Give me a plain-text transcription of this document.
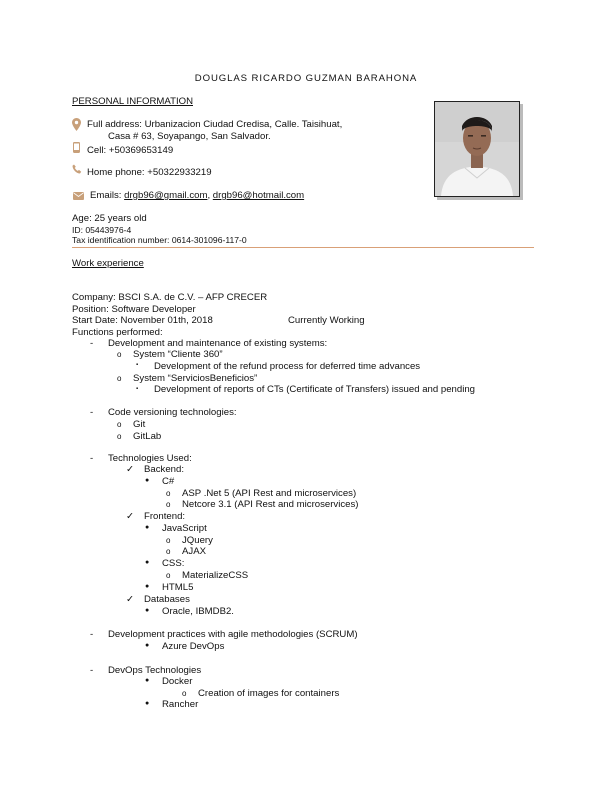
DOUGLAS RICARDO GUZMAN BARAHONA
PERSONAL INFORMATION
Full address: Urbanizacion Ciudad Credisa, Calle. Taisihuat,
Casa # 63, Soyapango, San Salvador.
Cell: +50369653149
Home phone: +50322933219
Emails: drgb96@gmail.com, drgb96@hotmail.com
Age: 25 years old
ID: 05443976-4
Tax identification number: 0614-301096-117-0
Work experience
Company: BSCI S.A. de C.V. – AFP CRECER
Position: Software Developer
Start Date: November 01th, 2018	Currently Working
Functions performed:
- Development and maintenance of existing systems:
o System “Cliente 360”
▪ Development of the refund process for deferred time advances
o System “ServiciosBeneficios”
▪ Development of reports of CTs (Certificate of Transfers) issued and pending
- Code versioning technologies:
o Git
o GitLab
- Technologies Used:
✓ Backend:
● C#
o ASP .Net 5 (API Rest and microservices)
o Netcore 3.1 (API Rest and microservices)
✓ Frontend:
● JavaScript
o JQuery
o AJAX
● CSS:
o MaterializeCSS
● HTML5
✓ Databases
● Oracle, IBMDB2.
- Development practices with agile methodologies (SCRUM)
● Azure DevOps
- DevOps Technologies
● Docker
o Creation of images for containers
● Rancher
